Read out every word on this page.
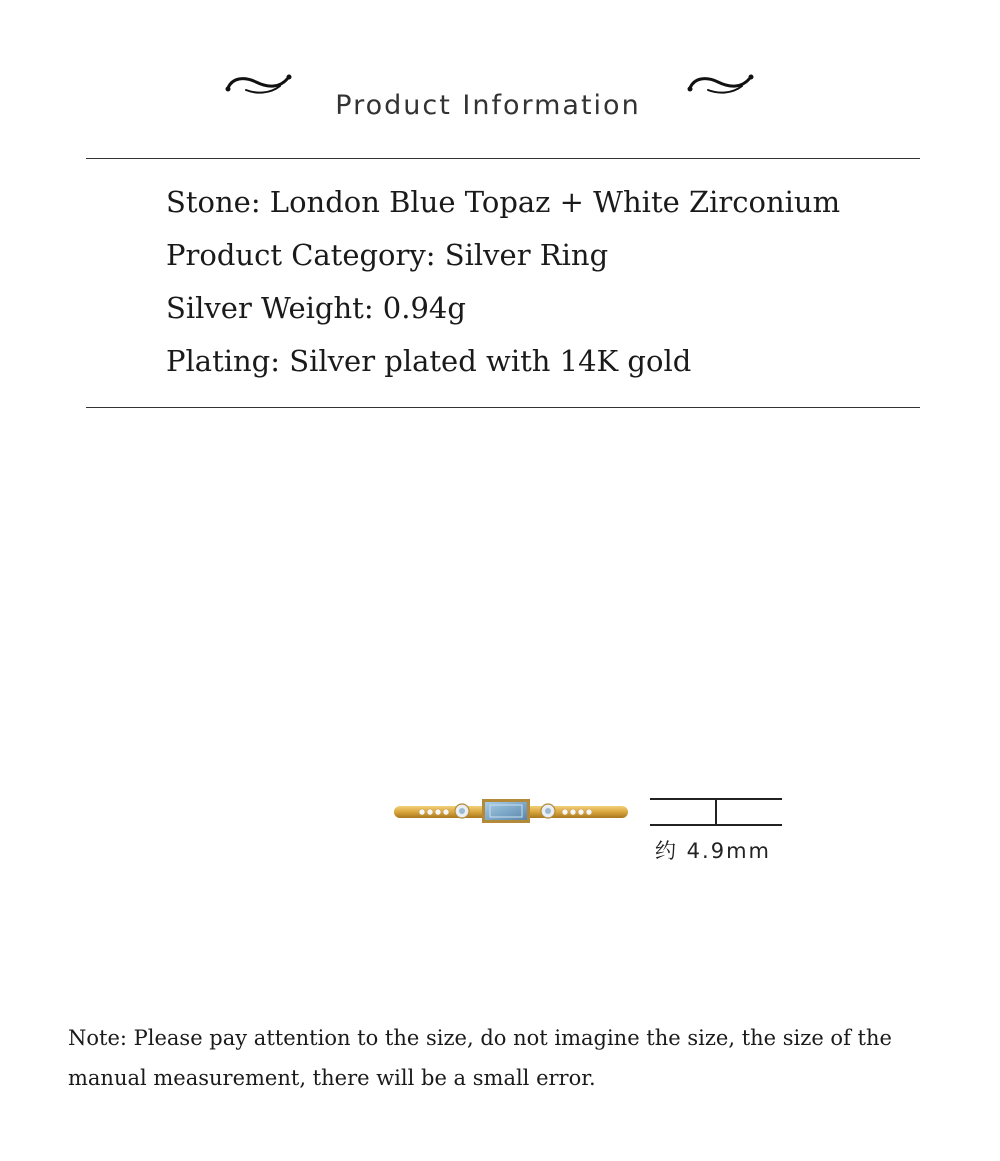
Product Information
Stone: London Blue Topaz + White Zirconium
Product Category: Silver Ring
Silver Weight: 0.94g
Plating: Silver plated with 14K gold
约 4.9mm
Note: Please pay attention to the size, do not imagine the size, the size of the manual measurement, there will be a small error.
